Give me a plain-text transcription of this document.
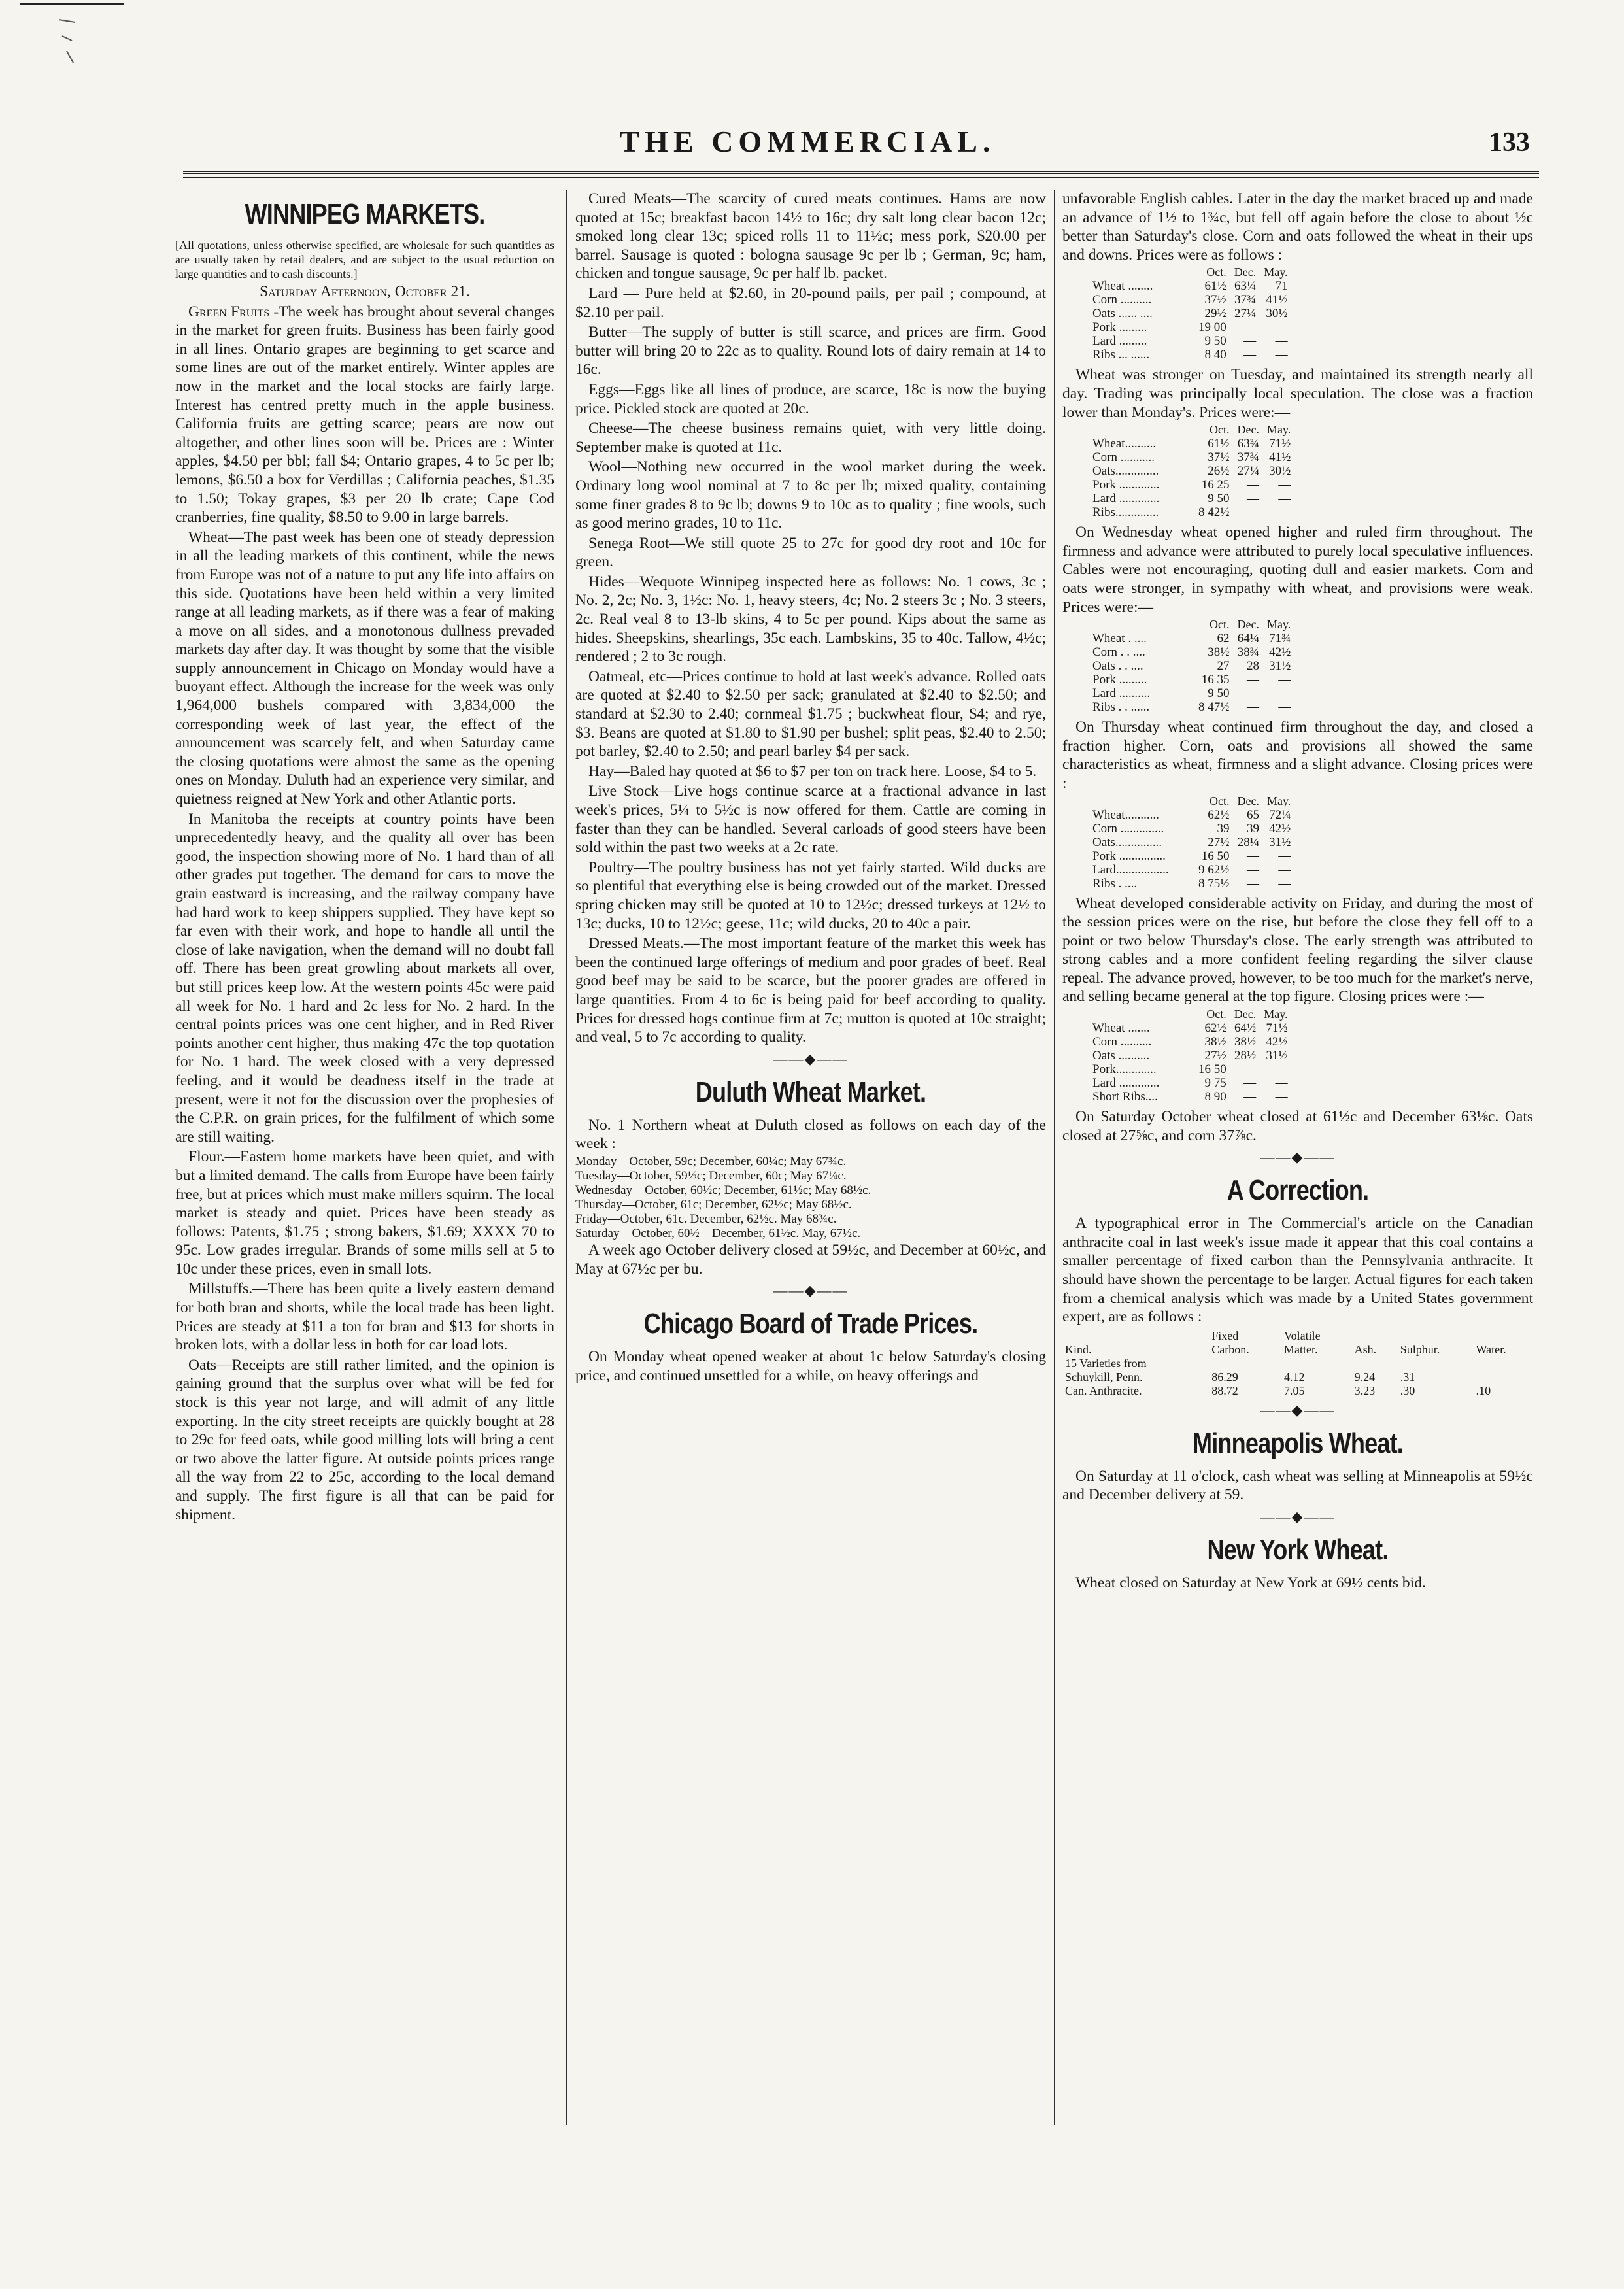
THE COMMERCIAL.	133
WINNIPEG MARKETS.

[All quotations, unless otherwise specified, are wholesale for such quantities as are usually taken by retail dealers, and are subject to the usual reduction on large quantities and to cash discounts.]

Saturday Afternoon, October 21.

Green Fruits -The week has brought about several changes in the market for green fruits. Business has been fairly good in all lines. Ontario grapes are beginning to get scarce and some lines are out of the market entirely. Winter apples are now in the market and the local stocks are fairly large. Interest has centred pretty much in the apple business. California fruits are getting scarce; pears are now out altogether, and other lines soon will be. Prices are : Winter apples, $4.50 per bbl; fall $4; Ontario grapes, 4 to 5c per lb; lemons, $6.50 a box for Verdillas ; California peaches, $1.35 to 1.50; Tokay grapes, $3 per 20 lb crate; Cape Cod cranberries, fine quality, $8.50 to 9.00 in large barrels.

Wheat—The past week has been one of steady depression in all the leading markets of this continent, while the news from Europe was not of a nature to put any life into affairs on this side. Quotations have been held within a very limited range at all leading markets, as if there was a fear of making a move on all sides, and a monotonous dullness prevaded markets day after day. It was thought by some that the visible supply announcement in Chicago on Monday would have a buoyant effect. Although the increase for the week was only 1,964,000 bushels compared with 3,834,000 the corresponding week of last year, the effect of the announcement was scarcely felt, and when Saturday came the closing quotations were almost the same as the opening ones on Monday. Duluth had an experience very similar, and quietness reigned at New York and other Atlantic ports.

In Manitoba the receipts at country points have been unprecedentedly heavy, and the quality all over has been good, the inspection showing more of No. 1 hard than of all other grades put together. The demand for cars to move the grain eastward is increasing, and the railway company have had hard work to keep shippers supplied. They have kept so far even with their work, and hope to handle all until the close of lake navigation, when the demand will no doubt fall off. There has been great growling about markets all over, but still prices keep low. At the western points 45c were paid all week for No. 1 hard and 2c less for No. 2 hard. In the central points prices was one cent higher, and in Red River points another cent higher, thus making 47c the top quotation for No. 1 hard. The week closed with a very depressed feeling, and it would be deadness itself in the trade at present, were it not for the discussion over the prophesies of the C.P.R. on grain prices, for the fulfilment of which some are still waiting.

Flour.—Eastern home markets have been quiet, and with but a limited demand. The calls from Europe have been fairly free, but at prices which must make millers squirm. The local market is steady and quiet. Prices have been steady as follows: Patents, $1.75 ; strong bakers, $1.69; XXXX 70 to 95c. Low grades irregular. Brands of some mills sell at 5 to 10c under these prices, even in small lots.

Millstuffs.—There has been quite a lively eastern demand for both bran and shorts, while the local trade has been light. Prices are steady at $11 a ton for bran and $13 for shorts in broken lots, with a dollar less in both for car load lots.

Oats—Receipts are still rather limited, and the opinion is gaining ground that the surplus over what will be fed for stock is this year not large, and will admit of any little exporting. In the city street receipts are quickly bought at 28 to 29c for feed oats, while good milling lots will bring a cent or two above the latter figure. At outside points prices range all the way from 22 to 25c, according to the local demand and supply. The first figure is all that can be paid for shipment.

Cured Meats—The scarcity of cured meats continues. Hams are now quoted at 15c; breakfast bacon 14½ to 16c; dry salt long clear bacon 12c; smoked long clear 13c; spiced rolls 11 to 11½c; mess pork, $20.00 per barrel. Sausage is quoted : bologna sausage 9c per lb ; German, 9c; ham, chicken and tongue sausage, 9c per half lb. packet.

Lard — Pure held at $2.60, in 20-pound pails, per pail ; compound, at $2.10 per pail.

Butter—The supply of butter is still scarce, and prices are firm. Good butter will bring 20 to 22c as to quality. Round lots of dairy remain at 14 to 16c.

Eggs—Eggs like all lines of produce, are scarce, 18c is now the buying price. Pickled stock are quoted at 20c.

Cheese—The cheese business remains quiet, with very little doing. September make is quoted at 11c.

Wool—Nothing new occurred in the wool market during the week. Ordinary long wool nominal at 7 to 8c per lb; mixed quality, containing some finer grades 8 to 9c lb; downs 9 to 10c as to quality ; fine wools, such as good merino grades, 10 to 11c.

Senega Root—We still quote 25 to 27c for good dry root and 10c for green.

Hides—Wequote Winnipeg inspected here as follows: No. 1 cows, 3c ; No. 2, 2c; No. 3, 1½c: No. 1, heavy steers, 4c; No. 2 steers 3c ; No. 3 steers, 2c. Real veal 8 to 13-lb skins, 4 to 5c per pound. Kips about the same as hides. Sheepskins, shearlings, 35c each. Lambskins, 35 to 40c. Tallow, 4½c; rendered ; 2 to 3c rough.

Oatmeal, etc—Prices continue to hold at last week's advance. Rolled oats are quoted at $2.40 to $2.50 per sack; granulated at $2.40 to $2.50; and standard at $2.30 to 2.40; cornmeal $1.75 ; buckwheat flour, $4; and rye, $3. Beans are quoted at $1.80 to $1.90 per bushel; split peas, $2.40 to 2.50; pot barley, $2.40 to 2.50; and pearl barley $4 per sack.

Hay—Baled hay quoted at $6 to $7 per ton on track here. Loose, $4 to 5.

Live Stock—Live hogs continue scarce at a fractional advance in last week's prices, 5¼ to 5½c is now offered for them. Cattle are coming in faster than they can be handled. Several carloads of good steers have been sold within the past two weeks at a 2c rate.

Poultry—The poultry business has not yet fairly started. Wild ducks are so plentiful that everything else is being crowded out of the market. Dressed spring chicken may still be quoted at 10 to 12½c; dressed turkeys at 12½ to 13c; ducks, 10 to 12½c; geese, 11c; wild ducks, 20 to 40c a pair.

Dressed Meats.—The most important feature of the market this week has been the continued large offerings of medium and poor grades of beef. Real good beef may be said to be scarce, but the poorer grades are offered in large quantities. From 4 to 6c is being paid for beef according to quality. Prices for dressed hogs continue firm at 7c; mutton is quoted at 10c straight; and veal, 5 to 7c according to quality.

——◆——
Duluth Wheat Market.

No. 1 Northern wheat at Duluth closed as follows on each day of the week :

Monday—October, 59c; December, 60¼c; May 67¾c.
Tuesday—October, 59½c; December, 60c; May 67¼c.
Wednesday—October, 60½c; December, 61½c; May 68½c.
Thursday—October, 61c; December, 62½c; May 68½c.
Friday—October, 61c. December, 62½c. May 68¾c.
Saturday—October, 60½—December, 61½c. May, 67½c.

A week ago October delivery closed at 59½c, and December at 60½c, and May at 67½c per bu.

——◆——
Chicago Board of Trade Prices.

On Monday wheat opened weaker at about 1c below Saturday's closing price, and continued unsettled for a while, on heavy offerings and

unfavorable English cables. Later in the day the market braced up and made an advance of 1½ to 1¾c, but fell off again before the close to about ½c better than Saturday's close. Corn and oats followed the wheat in their ups and downs. Prices were as follows :

	Oct.	Dec.	May.
Wheat ........	61½	63¼	71
Corn ..........	37½	37¾	41½
Oats ...... ....	29½	27¼	30½
Pork .........	19 00	—	—
Lard .........	9 50	—	—
Ribs ... ......	8 40	—	—

Wheat was stronger on Tuesday, and maintained its strength nearly all day. Trading was principally local speculation. The close was a fraction lower than Monday's. Prices were:—

	Oct.	Dec.	May.
Wheat..........	61½	63¾	71½
Corn ...........	37½	37¾	41½
Oats..............	26½	27¼	30½
Pork .............	16 25	—	—
Lard .............	9 50	—	—
Ribs..............	8 42½	—	—

On Wednesday wheat opened higher and ruled firm throughout. The firmness and advance were attributed to purely local speculative influences. Cables were not encouraging, quoting dull and easier markets. Corn and oats were stronger, in sympathy with wheat, and provisions were weak. Prices were:—

	Oct.	Dec.	May.
Wheat . ....	62	64¼	71¾
Corn . . ....	38½	38¾	42½
Oats . . ....	27	28	31½
Pork .........	16 35	—	—
Lard ..........	9 50	—	—
Ribs . . ......	8 47½	—	—

On Thursday wheat continued firm throughout the day, and closed a fraction higher. Corn, oats and provisions all showed the same characteristics as wheat, firmness and a slight advance. Closing prices were :

	Oct.	Dec.	May.
Wheat...........	62½	65	72¼
Corn ..............	39	39	42½
Oats...............	27½	28¼	31½
Pork ...............	16 50	—	—
Lard.................	9 62½	—	—
Ribs . ....	8 75½	—	—

Wheat developed considerable activity on Friday, and during the most of the session prices were on the rise, but before the close they fell off to a point or two below Thursday's close. The early strength was attributed to strong cables and a more confident feeling regarding the silver clause repeal. The advance proved, however, to be too much for the market's nerve, and selling became general at the top figure. Closing prices were :—

	Oct.	Dec.	May.
Wheat .......	62½	64½	71½
Corn ..........	38½	38½	42½
Oats ..........	27½	28½	31½
Pork.............	16 50	—	—
Lard .............	9 75	—	—
Short Ribs....	8 90	—	—

On Saturday October wheat closed at 61½c and December 63⅛c. Oats closed at 27⅝c, and corn 37⅞c.

——◆——
A Correction.

A typographical error in The Commercial's article on the Canadian anthracite coal in last week's issue made it appear that this coal contains a smaller percentage of fixed carbon than the Pennsylvania anthracite. It should have shown the percentage to be larger. Actual figures for each taken from a chemical analysis which was made by a United States government expert, are as follows :

	Fixed	Volatile			
Kind.	Carbon.	Matter.	Ash.	Sulphur.	Water.
15 Varieties from					
Schuykill, Penn.	86.29	4.12	9.24	.31	—
Can. Anthracite.	88.72	7.05	3.23	.30	.10
——◆——
Minneapolis Wheat.

On Saturday at 11 o'clock, cash wheat was selling at Minneapolis at 59½c and December delivery at 59.

——◆——
New York Wheat.

Wheat closed on Saturday at New York at 69½ cents bid.
